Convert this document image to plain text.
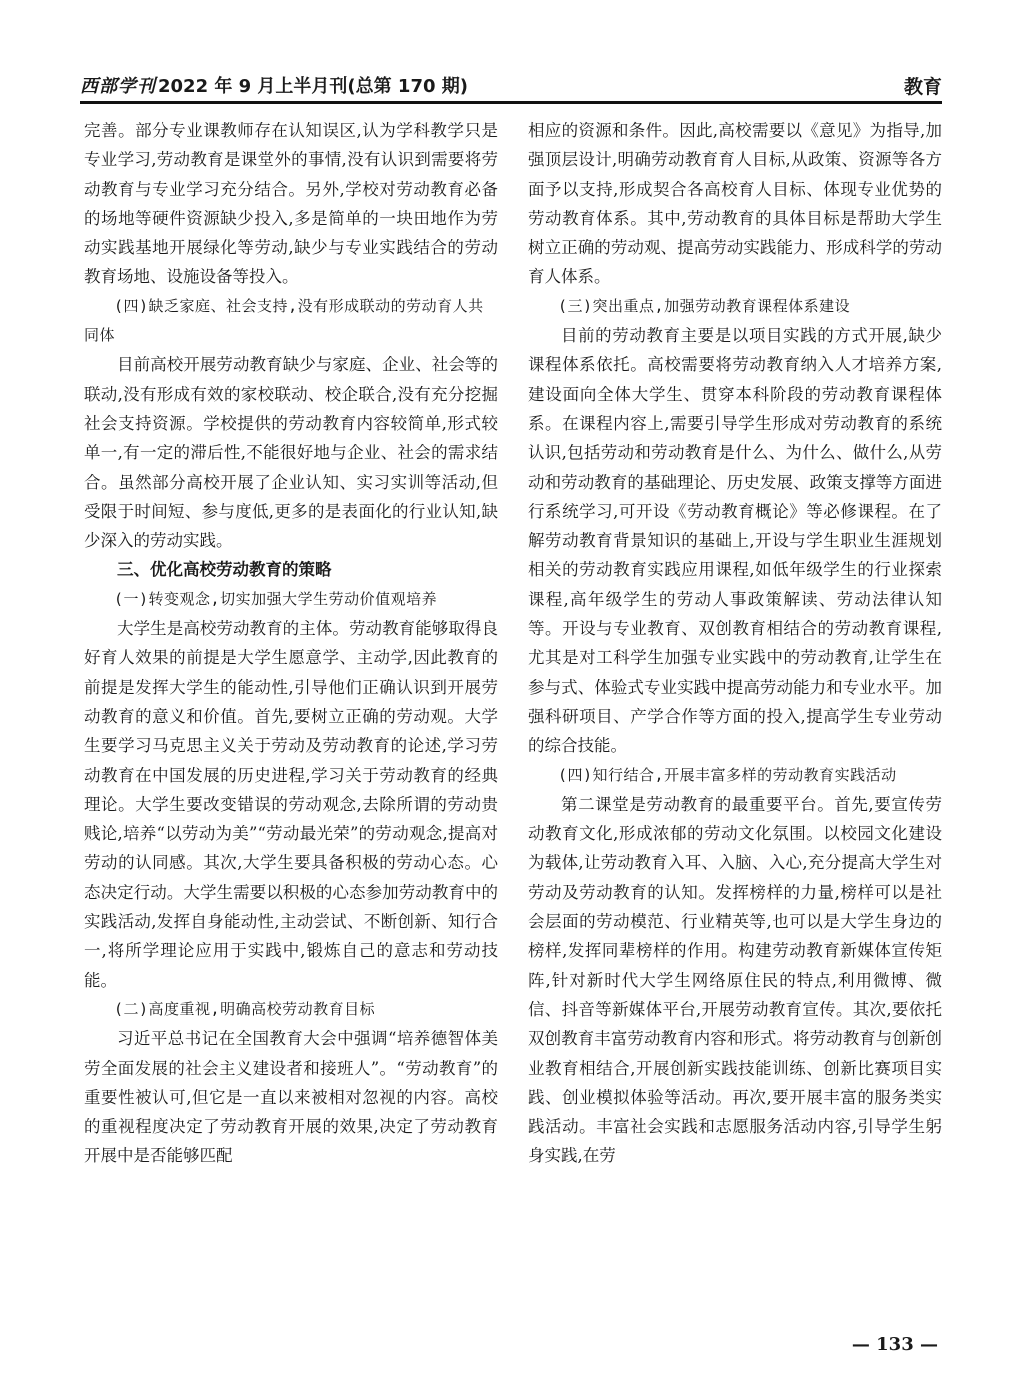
西部学刊 2022 年 9 月上半月刊(总第 170 期)	教育

完善。部分专业课教师存在认知误区,认为学科教学只是专业学习,劳动教育是课堂外的事情,没有认识到需要将劳动教育与专业学习充分结合。另外,学校对劳动教育必备的场地等硬件资源缺少投入,多是简单的一块田地作为劳动实践基地开展绿化等劳动,缺少与专业实践结合的劳动教育场地、设施设备等投入。

(四)缺乏家庭、社会支持,没有形成联动的劳动育人共同体

目前高校开展劳动教育缺少与家庭、企业、社会等的联动,没有形成有效的家校联动、校企联合,没有充分挖掘社会支持资源。学校提供的劳动教育内容较简单,形式较单一,有一定的滞后性,不能很好地与企业、社会的需求结合。虽然部分高校开展了企业认知、实习实训等活动,但受限于时间短、参与度低,更多的是表面化的行业认知,缺少深入的劳动实践。

三、优化高校劳动教育的策略

(一)转变观念,切实加强大学生劳动价值观培养

大学生是高校劳动教育的主体。劳动教育能够取得良好育人效果的前提是大学生愿意学、主动学,因此教育的前提是发挥大学生的能动性,引导他们正确认识到开展劳动教育的意义和价值。首先,要树立正确的劳动观。大学生要学习马克思主义关于劳动及劳动教育的论述,学习劳动教育在中国发展的历史进程,学习关于劳动教育的经典理论。大学生要改变错误的劳动观念,去除所谓的劳动贵贱论,培养“以劳动为美”“劳动最光荣”的劳动观念,提高对劳动的认同感。其次,大学生要具备积极的劳动心态。心态决定行动。大学生需要以积极的心态参加劳动教育中的实践活动,发挥自身能动性,主动尝试、不断创新、知行合一,将所学理论应用于实践中,锻炼自己的意志和劳动技能。

(二)高度重视,明确高校劳动教育目标

习近平总书记在全国教育大会中强调“培养德智体美劳全面发展的社会主义建设者和接班人”。“劳动教育”的重要性被认可,但它是一直以来被相对忽视的内容。高校的重视程度决定了劳动教育开展的效果,决定了劳动教育开展中是否能够匹配

相应的资源和条件。因此,高校需要以《意见》为指导,加强顶层设计,明确劳动教育育人目标,从政策、资源等各方面予以支持,形成契合各高校育人目标、体现专业优势的劳动教育体系。其中,劳动教育的具体目标是帮助大学生树立正确的劳动观、提高劳动实践能力、形成科学的劳动育人体系。

(三)突出重点,加强劳动教育课程体系建设

目前的劳动教育主要是以项目实践的方式开展,缺少课程体系依托。高校需要将劳动教育纳入人才培养方案,建设面向全体大学生、贯穿本科阶段的劳动教育课程体系。在课程内容上,需要引导学生形成对劳动教育的系统认识,包括劳动和劳动教育是什么、为什么、做什么,从劳动和劳动教育的基础理论、历史发展、政策支撑等方面进行系统学习,可开设《劳动教育概论》等必修课程。在了解劳动教育背景知识的基础上,开设与学生职业生涯规划相关的劳动教育实践应用课程,如低年级学生的行业探索课程,高年级学生的劳动人事政策解读、劳动法律认知等。开设与专业教育、双创教育相结合的劳动教育课程,尤其是对工科学生加强专业实践中的劳动教育,让学生在参与式、体验式专业实践中提高劳动能力和专业水平。加强科研项目、产学合作等方面的投入,提高学生专业劳动的综合技能。

(四)知行结合,开展丰富多样的劳动教育实践活动

第二课堂是劳动教育的最重要平台。首先,要宣传劳动教育文化,形成浓郁的劳动文化氛围。以校园文化建设为载体,让劳动教育入耳、入脑、入心,充分提高大学生对劳动及劳动教育的认知。发挥榜样的力量,榜样可以是社会层面的劳动模范、行业精英等,也可以是大学生身边的榜样,发挥同辈榜样的作用。构建劳动教育新媒体宣传矩阵,针对新时代大学生网络原住民的特点,利用微博、微信、抖音等新媒体平台,开展劳动教育宣传。其次,要依托双创教育丰富劳动教育内容和形式。将劳动教育与创新创业教育相结合,开展创新实践技能训练、创新比赛项目实践、创业模拟体验等活动。再次,要开展丰富的服务类实践活动。丰富社会实践和志愿服务活动内容,引导学生躬身实践,在劳

— 133 —
